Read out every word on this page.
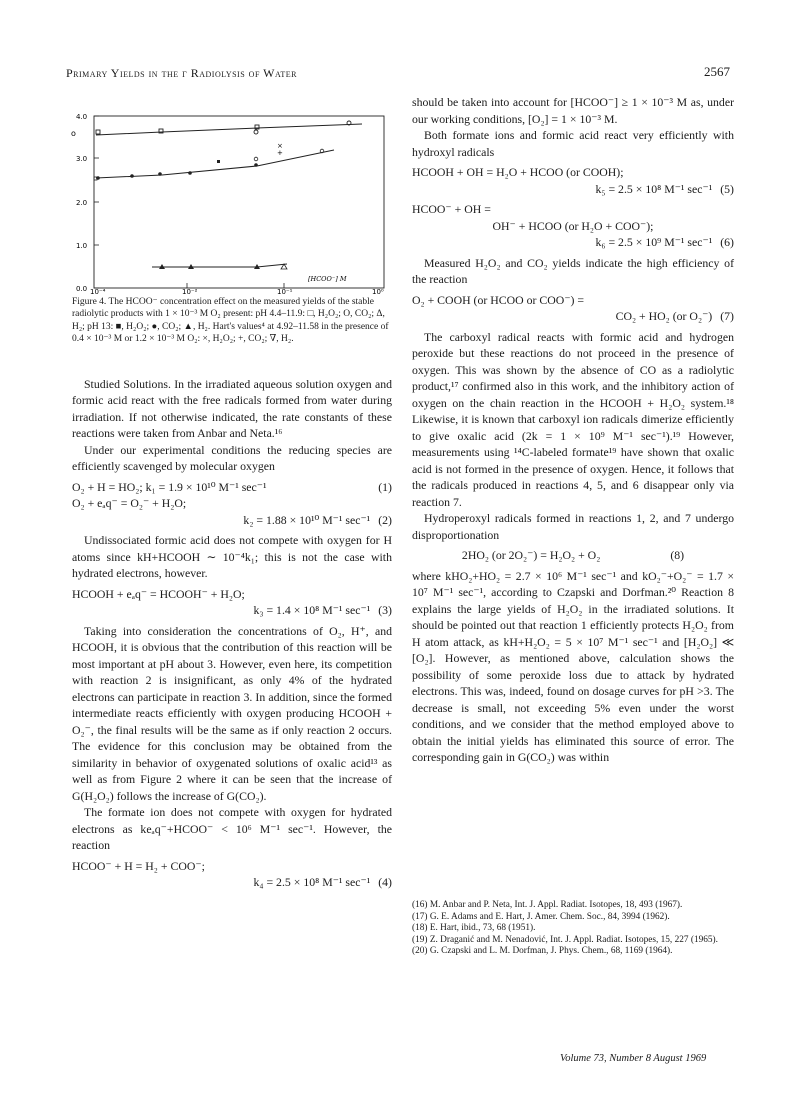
Primary Yields in the γ Radiolysis of Water	2567
4.0
3.0
2.0
1.0
0.0 10⁻⁴	10⁻²	10⁻¹	10⁰
[HCOO⁻] M
o
×
+
Figure 4. The HCOO⁻ concentration effect on the measured yields of the stable radiolytic products with 1 × 10⁻³ M O₂ present: pH 4.4–11.9: □, H₂O₂; O, CO₂; Δ, H₂; pH 13: ■, H₂O₂; ●, CO₂; ▲, H₂. Hart's values⁴ at 4.92–11.58 in the presence of 0.4 × 10⁻³ M or 1.2 × 10⁻³ M O₂: ×, H₂O₂; +, CO₂; ∇, H₂.

Studied Solutions. In the irradiated aqueous solution oxygen and formic acid react with the free radicals formed from water during irradiation. If not otherwise indicated, the rate constants of these reactions were taken from Anbar and Neta.¹⁶

Under our experimental conditions the reducing species are efficiently scavenged by molecular oxygen

O₂ + H = HO₂; k₁ = 1.9 × 10¹⁰ M⁻¹ sec⁻¹	(1)
O₂ + eₐq⁻ = O₂⁻ + H₂O;
k₂ = 1.88 × 10¹⁰ M⁻¹ sec⁻¹ (2)

Undissociated formic acid does not compete with oxygen for H atoms since kH+HCOOH ∼ 10⁻⁴k₁; this is not the case with hydrated electrons, however.

HCOOH + eₐq⁻ = HCOOH⁻ + H₂O;
k₃ = 1.4 × 10⁸ M⁻¹ sec⁻¹ (3)

Taking into consideration the concentrations of O₂, H⁺, and HCOOH, it is obvious that the contribution of this reaction will be most important at pH about 3. However, even here, its competition with reaction 2 is insignificant, as only 4% of the hydrated electrons can participate in reaction 3. In addition, since the formed intermediate reacts efficiently with oxygen producing HCOOH + O₂⁻, the final results will be the same as if only reaction 2 occurs. The evidence for this conclusion may be obtained from the similarity in behavior of oxygenated solutions of oxalic acid¹³ as well as from Figure 2 where it can be seen that the increase of G(H₂O₂) follows the increase of G(CO₂).

The formate ion does not compete with oxygen for hydrated electrons as keₐq⁻+HCOO⁻ < 10⁶ M⁻¹ sec⁻¹. However, the reaction

HCOO⁻ + H = H₂ + COO⁻;
k₄ = 2.5 × 10⁸ M⁻¹ sec⁻¹ (4)

should be taken into account for [HCOO⁻] ≥ 1 × 10⁻³ M as, under our working conditions, [O₂] = 1 × 10⁻³ M.

Both formate ions and formic acid react very efficiently with hydroxyl radicals

HCOOH + OH = H₂O + HCOO (or COOH);
k₅ = 2.5 × 10⁸ M⁻¹ sec⁻¹ (5)
HCOO⁻ + OH =
OH⁻ + HCOO (or H₂O + COO⁻);
k₆ = 2.5 × 10⁹ M⁻¹ sec⁻¹ (6)

Measured H₂O₂ and CO₂ yields indicate the high efficiency of the reaction

O₂ + COOH (or HCOO or COO⁻) =
CO₂ + HO₂ (or O₂⁻) (7)

The carboxyl radical reacts with formic acid and hydrogen peroxide but these reactions do not proceed in the presence of oxygen. This was shown by the absence of CO as a radiolytic product,¹⁷ confirmed also in this work, and the inhibitory action of oxygen on the chain reaction in the HCOOH + H₂O₂ system.¹⁸ Likewise, it is known that carboxyl ion radicals dimerize efficiently to give oxalic acid (2k = 1 × 10⁹ M⁻¹ sec⁻¹).¹⁹ However, measurements using ¹⁴C-labeled formate¹⁹ have shown that oxalic acid is not formed in the presence of oxygen. Hence, it follows that the radicals produced in reactions 4, 5, and 6 disappear only via reaction 7.

Hydroperoxyl radicals formed in reactions 1, 2, and 7 undergo disproportionation

2HO₂ (or 2O₂⁻) = H₂O₂ + O₂	(8)

where kHO₂+HO₂ = 2.7 × 10⁶ M⁻¹ sec⁻¹ and kO₂⁻+O₂⁻ = 1.7 × 10⁷ M⁻¹ sec⁻¹, according to Czapski and Dorfman.²⁰ Reaction 8 explains the large yields of H₂O₂ in the irradiated solutions. It should be pointed out that reaction 1 efficiently protects H₂O₂ from H atom attack, as kH+H₂O₂ = 5 × 10⁷ M⁻¹ sec⁻¹ and [H₂O₂] ≪ [O₂]. However, as mentioned above, calculation shows the possibility of some peroxide loss due to attack by hydrated electrons. This was, indeed, found on dosage curves for pH >3. The decrease is small, not exceeding 5% even under the worst conditions, and we consider that the method employed above to obtain the initial yields has eliminated this source of error. The corresponding gain in G(CO₂) was within

(16) M. Anbar and P. Neta, Int. J. Appl. Radiat. Isotopes, 18, 493 (1967).

(17) G. E. Adams and E. Hart, J. Amer. Chem. Soc., 84, 3994 (1962).

(18) E. Hart, ibid., 73, 68 (1951).

(19) Z. Draganić and M. Nenadović, Int. J. Appl. Radiat. Isotopes, 15, 227 (1965).

(20) G. Czapski and L. M. Dorfman, J. Phys. Chem., 68, 1169 (1964).

Volume 73, Number 8 August 1969
